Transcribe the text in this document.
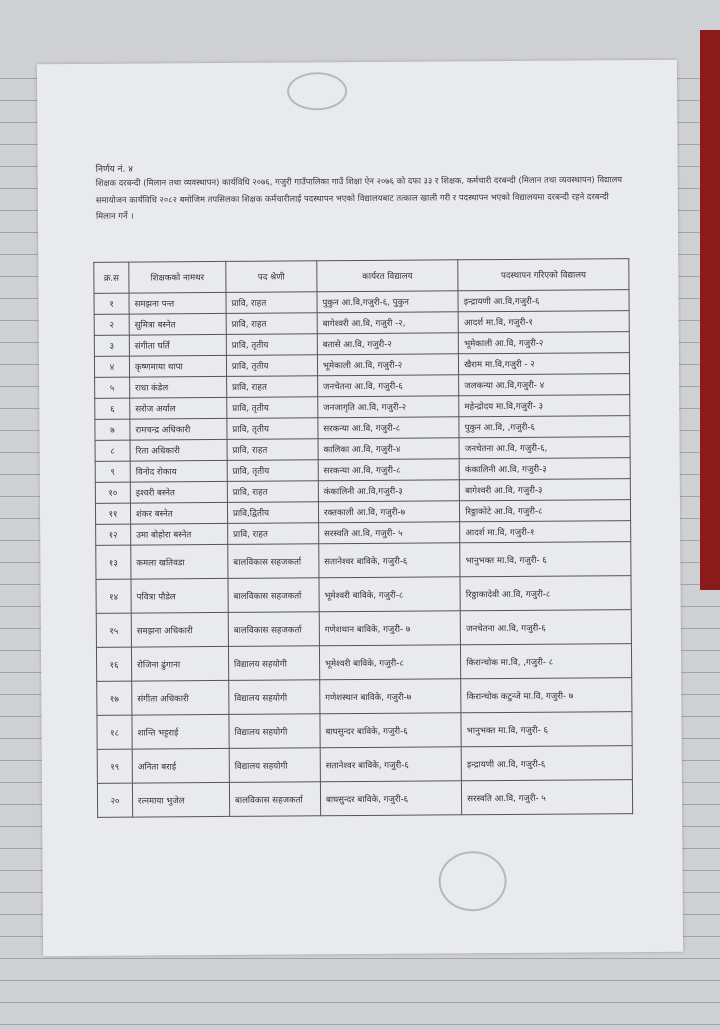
निर्णय नं. ४
शिक्षक दरबन्दी (मिलान तथा व्यवस्थापन) कार्यविधि २०७६, गजुरी गाउँपालिका गाउँ शिक्षा ऐन २०७६ को दफा ३३ र शिक्षक, कर्मचारी दरबन्दी (मिलान तथा व्यवस्थापन) विद्यालय समायोजन कार्यविधि २०८२ बमोजिम तपसिलका शिक्षक कर्मचारीलाई पदस्थापन भएको विद्यालयबाट तत्काल खाली गरी र पदस्थापन भएको विद्यालयमा दरबन्दी रहने दरबन्दी मिलान गर्ने ।
क्र.स	शिक्षकको नामथर	पद श्रेणी	कार्यरत विद्यालय	पदस्थापन गरिएको विद्यालय
१	समझना पन्त	प्रावि, राहत	पुकुन आ.वि,गजुरी-६, पुकुन	इन्द्रायणी आ.वि,गजुरी-६
२	सुमित्रा बस्नेत	प्रावि, राहत	बागेश्वरी आ.वि, गजुरी -२,	आदर्श मा.वि, गजुरी-१
३	संगीता घर्ति	प्रावि, तृतीय	बतासे आ.वि, गजुरी-२	भूमेकाली आ.वि, गजुरी-२
४	कृष्णमाया थापा	प्रावि, तृतीय	भूमेकाली आ.वि, गजुरी-२	खैराम मा.वि,गजुरी - २
५	राधा कंडेल	प्रावि, राहत	जनचेतना आ.वि, गजुरी-६	जलकन्या आ.वि,गजुरी- ४
६	सरोज अर्याल	प्रावि, तृतीय	जनजागृति आ.वि, गजुरी-२	महेन्द्रोदय मा.वि,गजुरी- ३
७	रामचन्द्र अधिकारी	प्रावि, तृतीय	सरकन्या आ.वि, गजुरी-८	पुकुन आ.वि, ,गजुरी-६
८	रिता अधिकारी	प्रावि, राहत	कालिका आ.वि, गजुरी-४	जनचेतना आ.वि, गजुरी-६,
९	विनोद रोकाय	प्रावि, तृतीय	सरकन्या आ.वि, गजुरी-८	कंकालिनी आ.वि, गजुरी-३
१०	इश्वरी बस्नेत	प्रावि, राहत	कंकालिनी आ.वि,गजुरी-३	बागेश्वरी आ.वि, गजुरी-३
११	शंकर बस्नेत	प्रावि,द्वितीय	रक्तकाली आ.वि, गजुरी-७	रिठ्ठाकोटे आ.वि, गजुरी-८
१२	उमा बोहोरा बस्नेत	प्रावि, राहत	सरस्वति आ.वि, गजुरी- ५	आदर्श मा.वि, गजुरी-१
१३	कमला खतिवडा	बालविकास सहजकर्ता	सतानेश्वर बाविके, गजुरी-६	भानुभक्त मा.वि, गजुरी- ६
१४	पवित्रा पौडेल	बालविकास सहजकर्ता	भूमेश्वरी बाविके, गजुरी-८	रिठ्ठाकादेवी आ.वि, गजुरी-८
१५	समझना अधिकारी	बालविकास सहजकर्ता	गणेशथान बाविके, गजुरी- ७	जनचेतना आ.वि, गजुरी-६
१६	रोजिना ढुंगाना	विद्यालय सहयोगी	भूमेश्वरी बाविके, गजुरी-८	किरान्चोक मा.वि, ,गजुरी- ८
१७	संगीता अधिकारी	विद्यालय सहयोगी	गणेशस्थान बाविके, गजुरी-७	किरान्चोक कटुन्जे मा.वि, गजुरी- ७
१८	शान्ति भट्टराई	विद्यालय सहयोगी	बाघसुन्दर बाविके, गजुरी-६	भानुभक्त मा.वि, गजुरी- ६
१९	अनिता बराई	विद्यालय सहयोगी	सतानेश्वर बाविके, गजुरी-६	इन्द्रायणी आ.वि, गजुरी-६
२०	रत्नमाया भुजेल	बालविकास सहजकर्ता	बाघसुन्दर बाविके, गजुरी-६	सरस्वति आ.वि, गजुरी- ५
